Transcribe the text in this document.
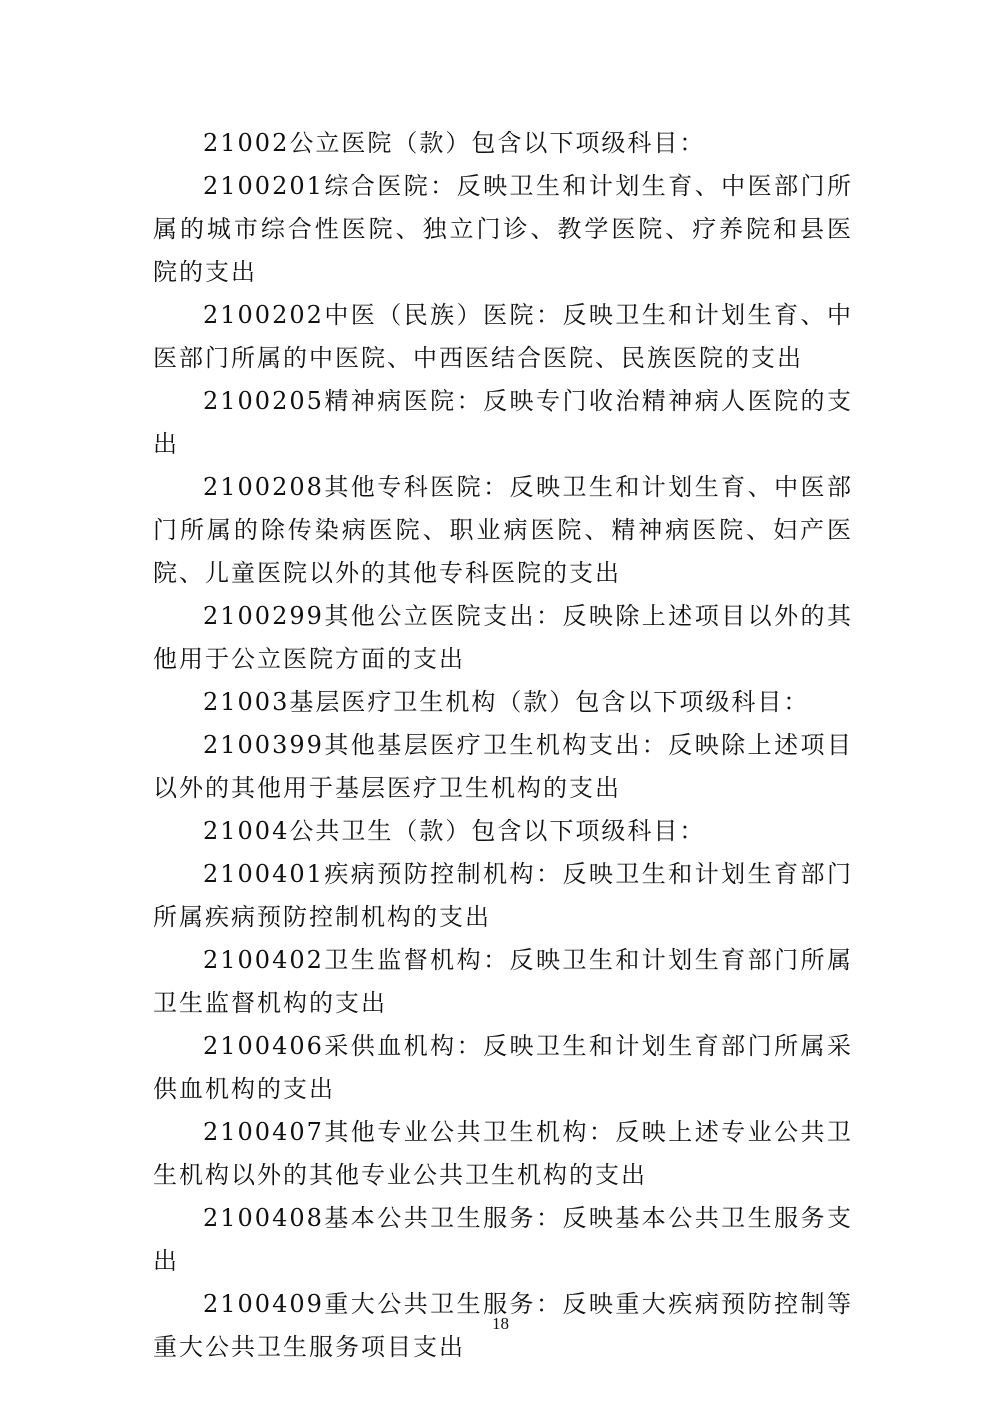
21002公立医院（款）包含以下项级科目：

2100201综合医院：反映卫生和计划生育、中医部门所属的城市综合性医院、独立门诊、教学医院、疗养院和县医院的支出

2100202中医（民族）医院：反映卫生和计划生育、中医部门所属的中医院、中西医结合医院、民族医院的支出

2100205精神病医院：反映专门收治精神病人医院的支出

2100208其他专科医院：反映卫生和计划生育、中医部门所属的除传染病医院、职业病医院、精神病医院、妇产医院、儿童医院以外的其他专科医院的支出

2100299其他公立医院支出：反映除上述项目以外的其他用于公立医院方面的支出

21003基层医疗卫生机构（款）包含以下项级科目：

2100399其他基层医疗卫生机构支出：反映除上述项目以外的其他用于基层医疗卫生机构的支出

21004公共卫生（款）包含以下项级科目：

2100401疾病预防控制机构：反映卫生和计划生育部门所属疾病预防控制机构的支出

2100402卫生监督机构：反映卫生和计划生育部门所属卫生监督机构的支出

2100406采供血机构：反映卫生和计划生育部门所属采供血机构的支出

2100407其他专业公共卫生机构：反映上述专业公共卫生机构以外的其他专业公共卫生机构的支出

2100408基本公共卫生服务：反映基本公共卫生服务支出

2100409重大公共卫生服务：反映重大疾病预防控制等重大公共卫生服务项目支出

18
